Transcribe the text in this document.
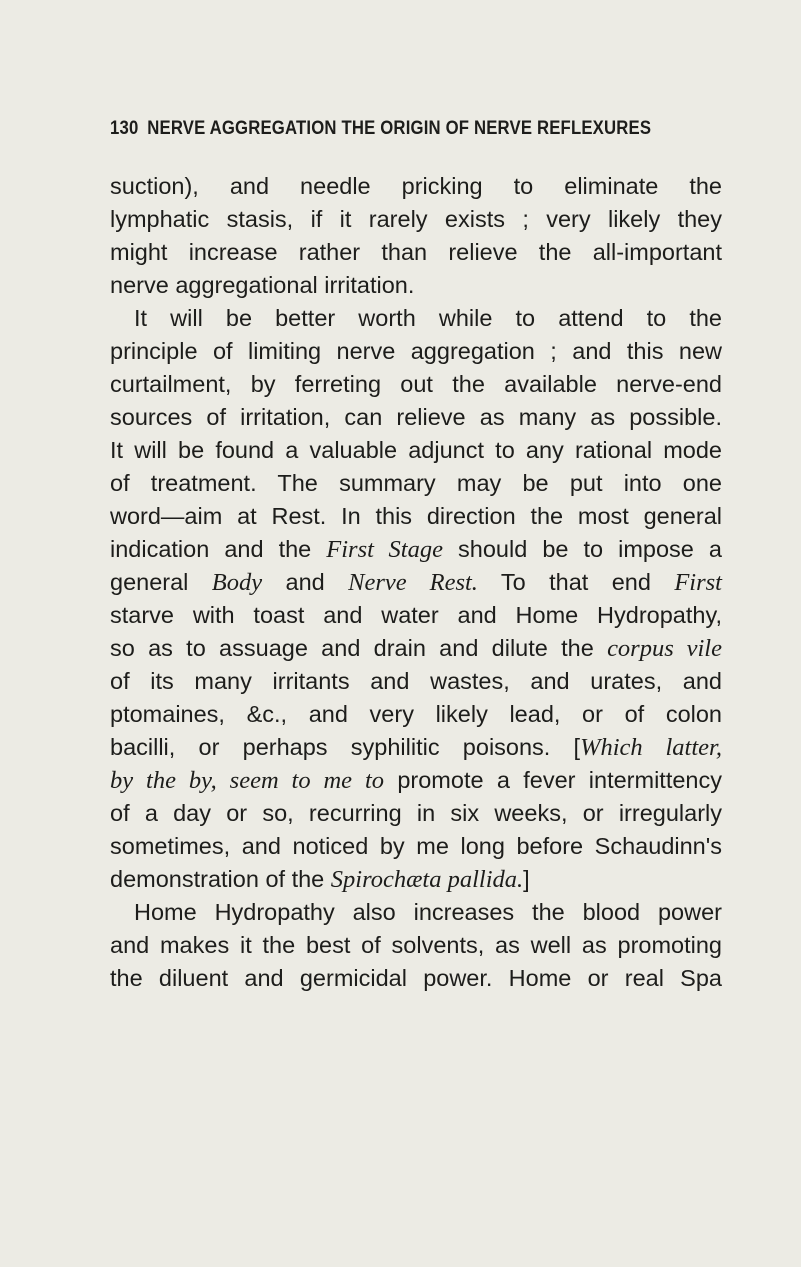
130 NERVE AGGREGATION THE ORIGIN OF NERVE REFLEXURES
suction), and needle pricking to eliminate the
lymphatic stasis, if it rarely exists ; very likely they
might increase rather than relieve the all-important
nerve aggregational irritation.
It will be better worth while to attend to the
principle of limiting nerve aggregation ; and this new
curtailment, by ferreting out the available nerve-end
sources of irritation, can relieve as many as possible.
It will be found a valuable adjunct to any rational mode
of treatment. The summary may be put into one
word—aim at Rest. In this direction the most general
indication and the First Stage should be to impose a
general Body and Nerve Rest. To that end First
starve with toast and water and Home Hydropathy,
so as to assuage and drain and dilute the corpus vile
of its many irritants and wastes, and urates, and
ptomaines, &c., and very likely lead, or of colon
bacilli, or perhaps syphilitic poisons. [Which latter,
by the by, seem to me to promote a fever intermittency
of a day or so, recurring in six weeks, or irregularly
sometimes, and noticed by me long before Schaudinn's
demonstration of the Spirochæta pallida.]
Home Hydropathy also increases the blood power
and makes it the best of solvents, as well as promoting
the diluent and germicidal power. Home or real Spa
